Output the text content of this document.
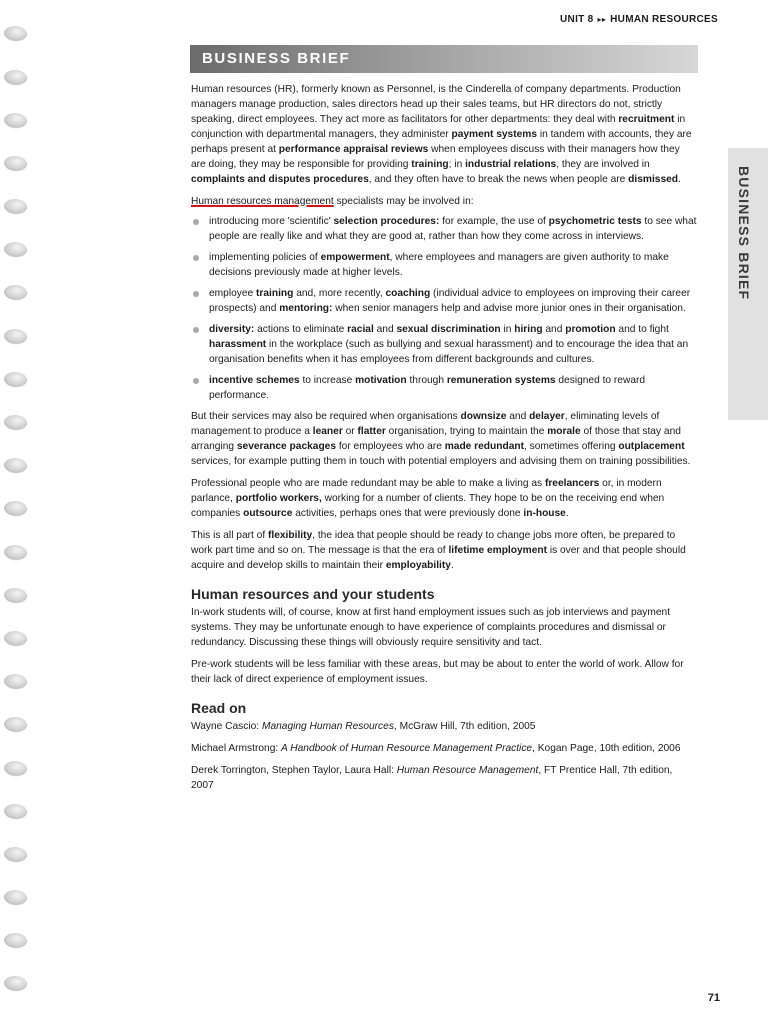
UNIT 8 ▸▸ HUMAN RESOURCES
BUSINESS BRIEF
BUSINESS BRIEF

Human resources (HR), formerly known as Personnel, is the Cinderella of company departments. Production managers manage production, sales directors head up their sales teams, but HR directors do not, strictly speaking, direct employees. They act more as facilitators for other departments: they deal with recruitment in conjunction with departmental managers, they administer payment systems in tandem with accounts, they are perhaps present at performance appraisal reviews when employees discuss with their managers how they are doing, they may be responsible for providing training; in industrial relations, they are involved in complaints and disputes procedures, and they often have to break the news when people are dismissed.

Human resources management specialists may be involved in:

introducing more 'scientific' selection procedures: for example, the use of psychometric tests to see what people are really like and what they are good at, rather than how they come across in interviews.
implementing policies of empowerment, where employees and managers are given authority to make decisions previously made at higher levels.
employee training and, more recently, coaching (individual advice to employees on improving their career prospects) and mentoring: when senior managers help and advise more junior ones in their organisation.
diversity: actions to eliminate racial and sexual discrimination in hiring and promotion and to fight harassment in the workplace (such as bullying and sexual harassment) and to encourage the idea that an organisation benefits when it has employees from different backgrounds and cultures.
incentive schemes to increase motivation through remuneration systems designed to reward performance.

But their services may also be required when organisations downsize and delayer, eliminating levels of management to produce a leaner or flatter organisation, trying to maintain the morale of those that stay and arranging severance packages for employees who are made redundant, sometimes offering outplacement services, for example putting them in touch with potential employers and advising them on training possibilities.

Professional people who are made redundant may be able to make a living as freelancers or, in modern parlance, portfolio workers, working for a number of clients. They hope to be on the receiving end when companies outsource activities, perhaps ones that were previously done in-house.

This is all part of flexibility, the idea that people should be ready to change jobs more often, be prepared to work part time and so on. The message is that the era of lifetime employment is over and that people should acquire and develop skills to maintain their employability.

Human resources and your students

In-work students will, of course, know at first hand employment issues such as job interviews and payment systems. They may be unfortunate enough to have experience of complaints procedures and dismissal or redundancy. Discussing these things will obviously require sensitivity and tact.

Pre-work students will be less familiar with these areas, but may be about to enter the world of work. Allow for their lack of direct experience of employment issues.

Read on

Wayne Cascio: Managing Human Resources, McGraw Hill, 7th edition, 2005

Michael Armstrong: A Handbook of Human Resource Management Practice, Kogan Page, 10th edition, 2006

Derek Torrington, Stephen Taylor, Laura Hall: Human Resource Management, FT Prentice Hall, 7th edition, 2007

71
